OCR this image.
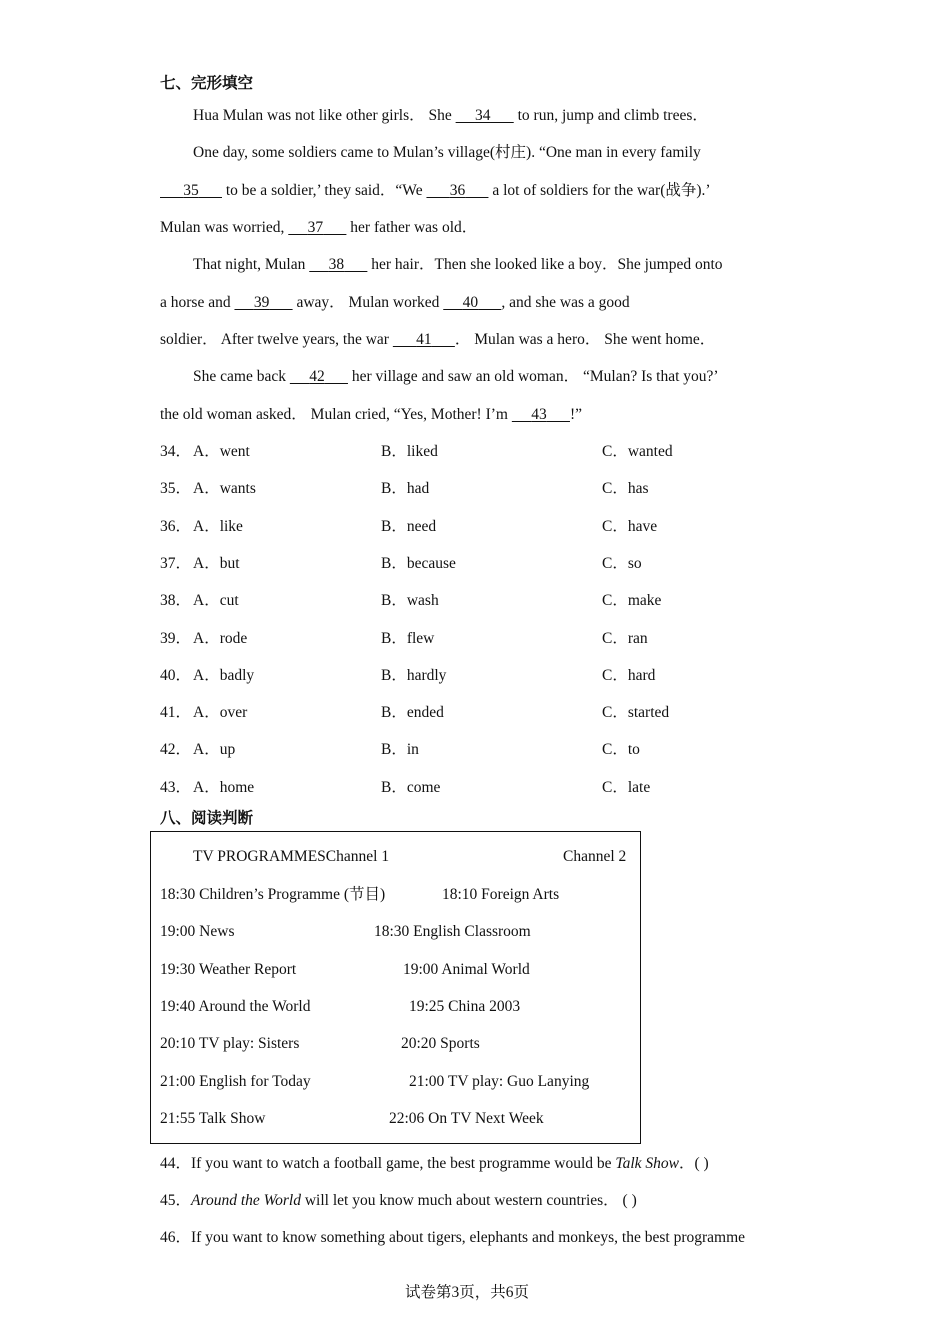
七、完形填空
Hua Mulan was not like other girls． She      34       to run, jump and climb trees．
One day, some soldiers came to Mulan’s village(村庄). “One man in every family
35       to be a soldier,’ they said．“We       36       a lot of soldiers for the war(战争).’
Mulan was worried,      37       her father was old．
That night, Mulan      38       her hair．Then she looked like a boy．She jumped onto
a horse and      39       away． Mulan worked      40 , and she was a good
soldier． After twelve years, the war       41 ． Mulan was a hero． She went home．
She came back      42       her village and saw an old woman． “Mulan? Is that you?’
the old woman asked． Mulan cried, “Yes, Mother! I’m      43 !”
34． A．went	B．liked	C．wanted
35． A．wants	B．had	C．has
36． A．like	B．need	C．have
37． A．but	B．because	C．so
38． A．cut	B．wash	C．make
39． A．rode	B．flew	C．ran
40． A．badly	B．hardly	C．hard
41． A．over	B．ended	C．started
42． A．up	B．in	C．to
43． A．home	B．come	C．late
八、阅读判断
TV PROGRAMMESChannel 1	Channel 2
18:30 Children’s Programme (节目)	18:10 Foreign Arts
19:00 News	18:30 English Classroom
19:30 Weather Report	19:00 Animal World
19:40 Around the World	19:25 China 2003
20:10 TV play: Sisters	20:20 Sports
21:00 English for Today	21:00 TV play: Guo Lanying
21:55 Talk Show	22:06 On TV Next Week
44．If you want to watch a football game, the best programme would be Talk Show．( )
45．Around the World will let you know much about western countries． ( )
46．If you want to know something about tigers, elephants and monkeys, the best programme
试卷第3页，共6页
